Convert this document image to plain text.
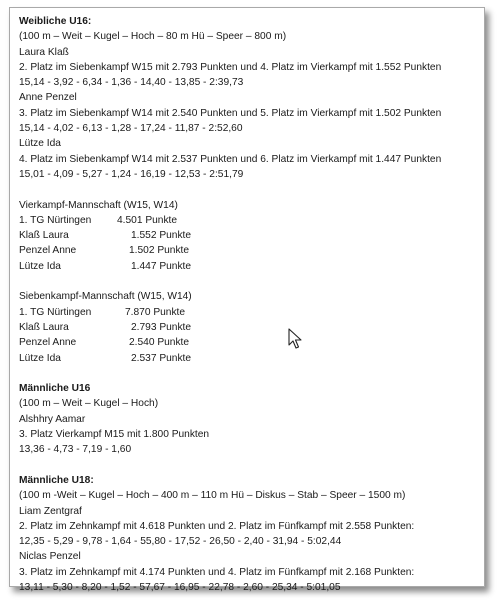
Weibliche U16:
(100 m – Weit – Kugel – Hoch – 80 m Hü – Speer – 800 m)
Laura Klaß
2. Platz im Siebenkampf W15 mit 2.793 Punkten und 4. Platz im Vierkampf mit 1.552 Punkten
15,14 - 3,92 - 6,34 - 1,36 - 14,40 - 13,85 - 2:39,73
Anne Penzel
3. Platz im Siebenkampf W14 mit 2.540 Punkten und 5. Platz im Vierkampf mit 1.502 Punkten
15,14 - 4,02 - 6,13 - 1,28 - 17,24 - 11,87 - 2:52,60
Lütze Ida
4. Platz im Siebenkampf W14 mit 2.537 Punkten und 6. Platz im Vierkampf mit 1.447 Punkten
15,01 - 4,09 - 5,27 - 1,24 - 16,19 - 12,53 - 2:51,79
Vierkampf-Mannschaft (W15, W14)
1. TG Nürtingen	4.501 Punkte
Klaß Laura	1.552 Punkte
Penzel Anne	1.502 Punkte
Lütze Ida	1.447 Punkte
Siebenkampf-Mannschaft (W15, W14)
1. TG Nürtingen	7.870 Punkte
Klaß Laura	2.793 Punkte
Penzel Anne	2.540 Punkte
Lütze Ida	2.537 Punkte
Männliche U16
(100 m – Weit – Kugel – Hoch)
Alshhry Aamar
3. Platz Vierkampf M15 mit 1.800 Punkten
13,36 - 4,73 - 7,19 - 1,60
Männliche U18:
(100 m -Weit – Kugel – Hoch – 400 m – 110 m Hü – Diskus – Stab – Speer – 1500 m)
Liam Zentgraf
2. Platz im Zehnkampf mit 4.618 Punkten und 2. Platz im Fünfkampf mit 2.558 Punkten:
12,35 - 5,29 - 9,78 - 1,64 - 55,80 - 17,52 - 26,50 - 2,40 - 31,94 - 5:02,44
Niclas Penzel
3. Platz im Zehnkampf mit 4.174 Punkten und 4. Platz im Fünfkampf mit 2.168 Punkten:
13,11 - 5,30 - 8,20 - 1,52 - 57,67 - 16,95 - 22,78 - 2,60 - 25,34 - 5:01,05
